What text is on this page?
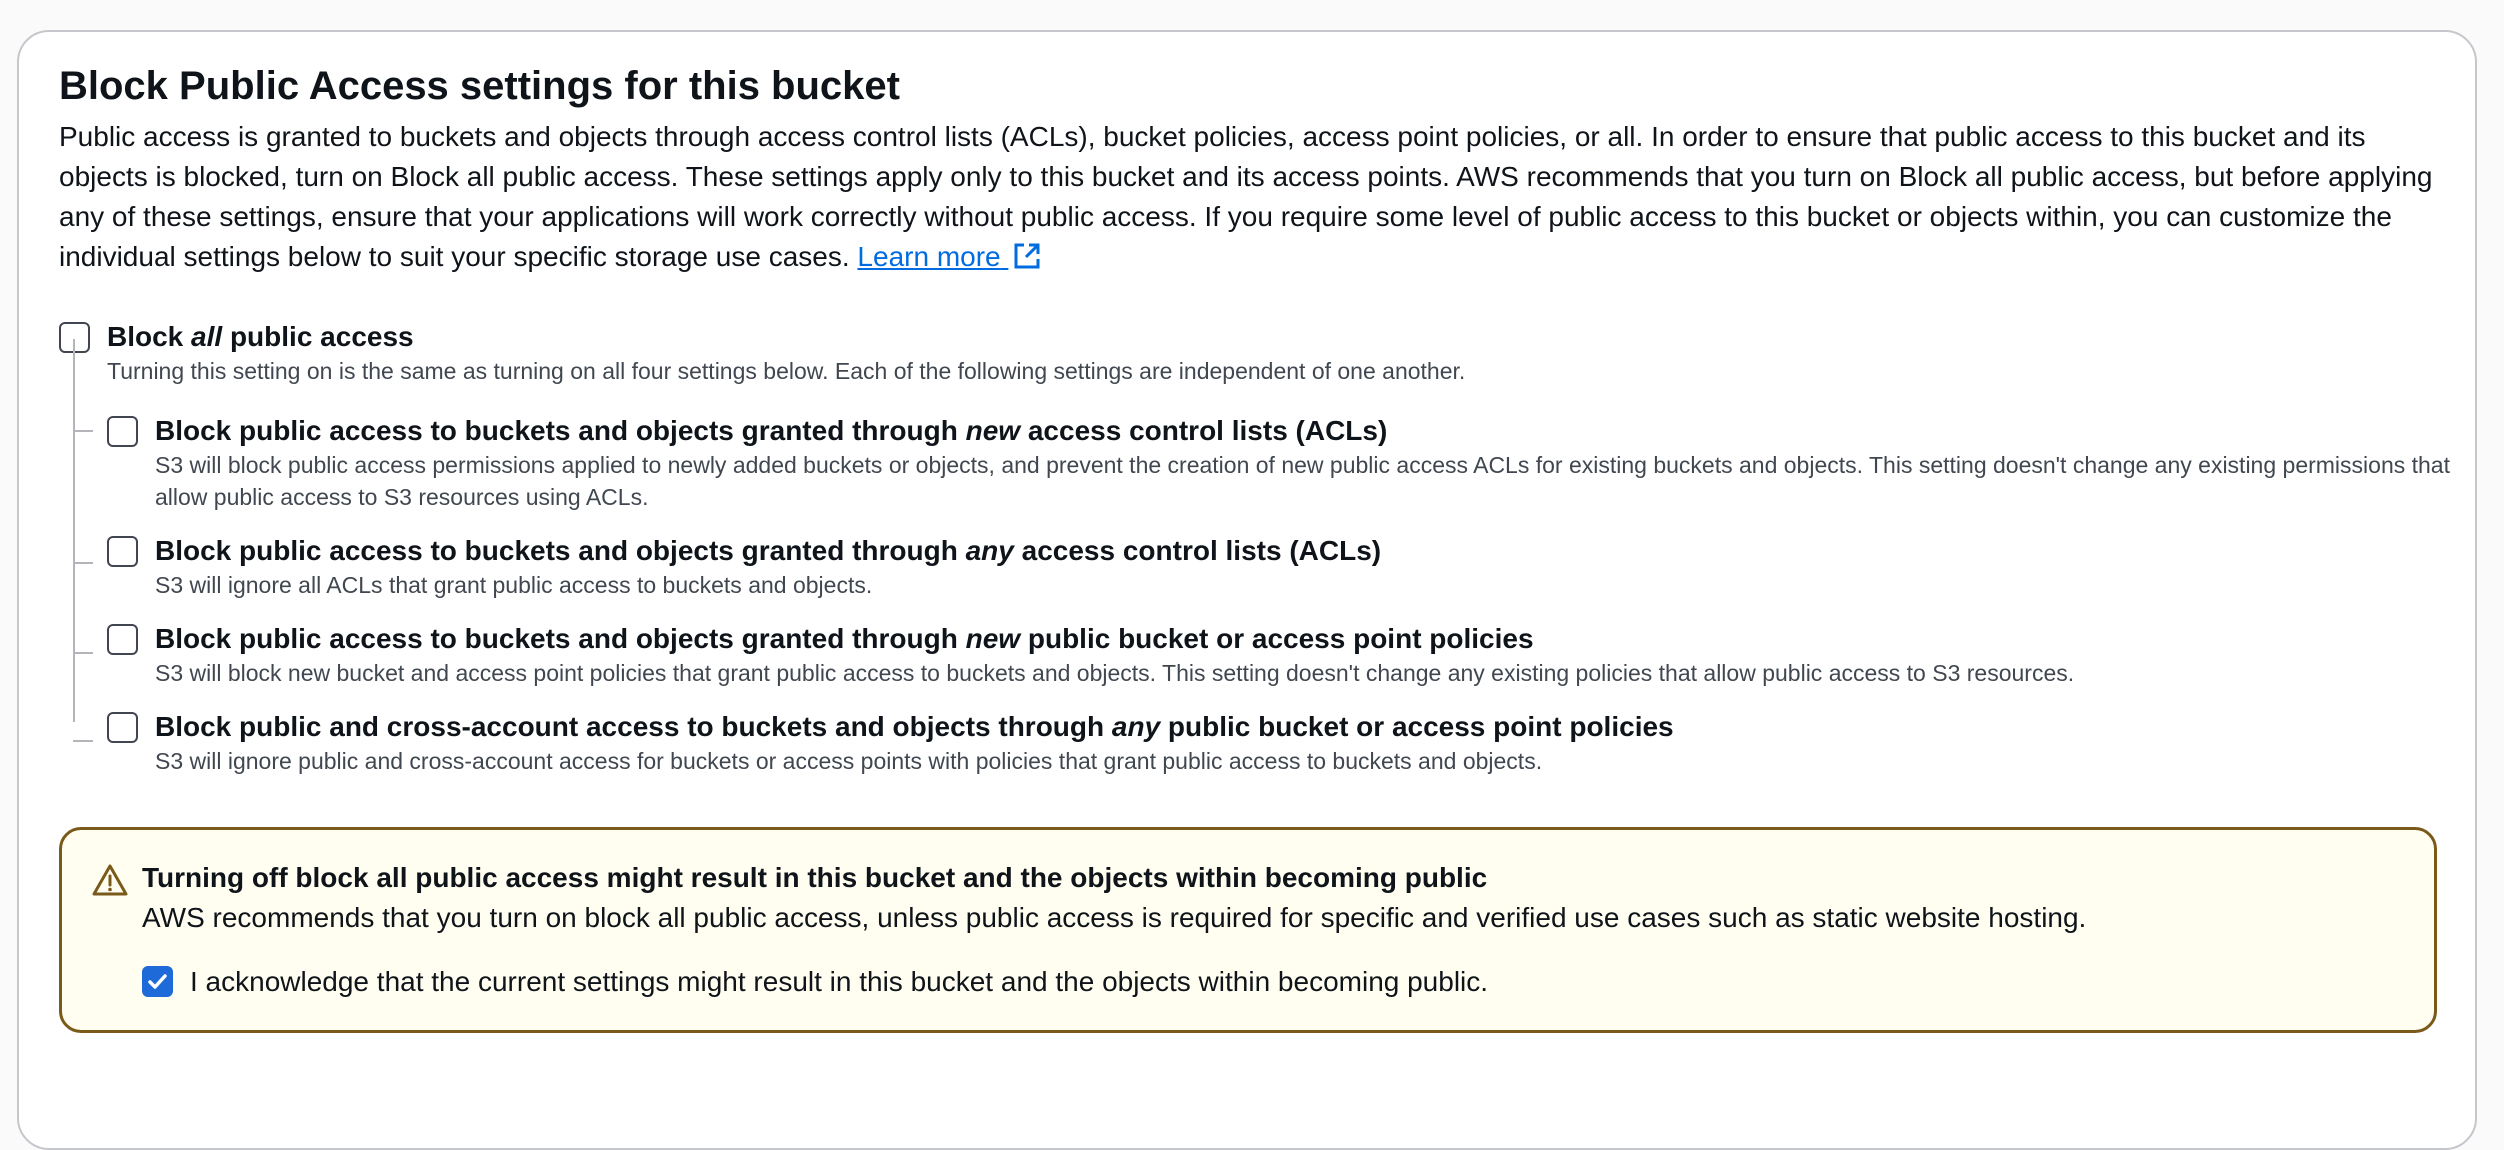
Block Public Access settings for this bucket
Public access is granted to buckets and objects through access control lists (ACLs), bucket policies, access point policies, or all. In order to ensure that public access to this bucket and its objects is blocked, turn on Block all public access. These settings apply only to this bucket and its access points. AWS recommends that you turn on Block all public access, but before applying any of these settings, ensure that your applications will work correctly without public access. If you require some level of public access to this bucket or objects within, you can customize the individual settings below to suit your specific storage use cases. Learn more
Block all public access
Turning this setting on is the same as turning on all four settings below. Each of the following settings are independent of one another.
Block public access to buckets and objects granted through new access control lists (ACLs)
S3 will block public access permissions applied to newly added buckets or objects, and prevent the creation of new public access ACLs for existing buckets and objects. This setting doesn't change any existing permissions that allow public access to S3 resources using ACLs.
Block public access to buckets and objects granted through any access control lists (ACLs)
S3 will ignore all ACLs that grant public access to buckets and objects.
Block public access to buckets and objects granted through new public bucket or access point policies
S3 will block new bucket and access point policies that grant public access to buckets and objects. This setting doesn't change any existing policies that allow public access to S3 resources.
Block public and cross-account access to buckets and objects through any public bucket or access point policies
S3 will ignore public and cross-account access for buckets or access points with policies that grant public access to buckets and objects.
Turning off block all public access might result in this bucket and the objects within becoming public
AWS recommends that you turn on block all public access, unless public access is required for specific and verified use cases such as static website hosting.
I acknowledge that the current settings might result in this bucket and the objects within becoming public.
